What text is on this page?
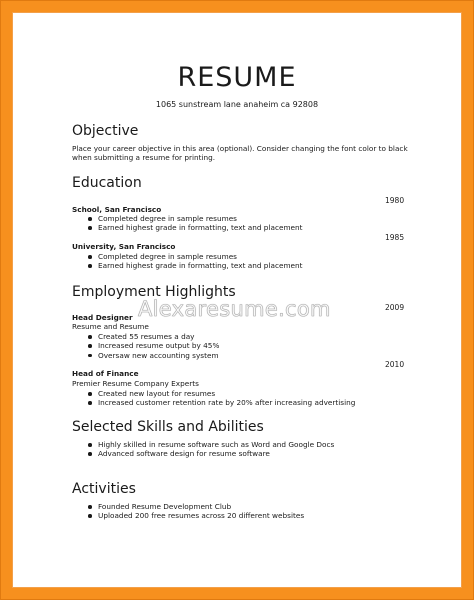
RESUME
1065 sunstream lane anaheim ca 92808
Objective
Place your career objective in this area (optional). Consider changing the font color to black
when submitting a resume for printing.
Education
1980
School, San Francisco
Completed degree in sample resumes
Earned highest grade in formatting, text and placement
1985
University, San Francisco
Completed degree in sample resumes
Earned highest grade in formatting, text and placement
Employment Highlights
2009
Head Designer
Resume and Resume
Created 55 resumes a day
Increased resume output by 45%
Oversaw new accounting system
2010
Head of Finance
Premier Resume Company Experts
Created new layout for resumes
Increased customer retention rate by 20% after increasing advertising
Selected Skills and Abilities
Highly skilled in resume software such as Word and Google Docs
Advanced software design for resume software
Activities
Founded Resume Development Club
Uploaded 200 free resumes across 20 different websites
Alexaresume.com
